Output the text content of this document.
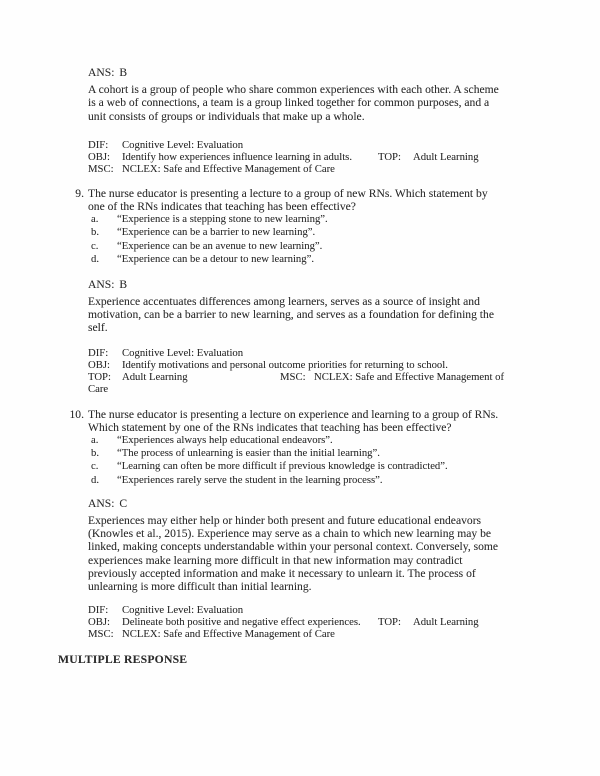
ANS: B
A cohort is a group of people who share common experiences with each other. A scheme
is a web of connections, a team is a group linked together for common purposes, and a
unit consists of groups or individuals that make up a whole.
DIF: Cognitive Level: Evaluation
OBJ: Identify how experiences influence learning in adults. TOP: Adult Learning
MSC: NCLEX: Safe and Effective Management of Care
9. The nurse educator is presenting a lecture to a group of new RNs. Which statement by
one of the RNs indicates that teaching has been effective?
a. “Experience is a stepping stone to new learning”.
b. “Experience can be a barrier to new learning”.
c. “Experience can be an avenue to new learning”.
d. “Experience can be a detour to new learning”.
ANS: B
Experience accentuates differences among learners, serves as a source of insight and
motivation, can be a barrier to new learning, and serves as a foundation for defining the
self.
DIF: Cognitive Level: Evaluation
OBJ: Identify motivations and personal outcome priorities for returning to school.
TOP: Adult Learning	MSC: NCLEX: Safe and Effective Management of
Care
10. The nurse educator is presenting a lecture on experience and learning to a group of RNs.
Which statement by one of the RNs indicates that teaching has been effective?
a. “Experiences always help educational endeavors”.
b. “The process of unlearning is easier than the initial learning”.
c. “Learning can often be more difficult if previous knowledge is contradicted”.
d. “Experiences rarely serve the student in the learning process”.
ANS: C
Experiences may either help or hinder both present and future educational endeavors
(Knowles et al., 2015). Experience may serve as a chain to which new learning may be
linked, making concepts understandable within your personal context. Conversely, some
experiences make learning more difficult in that new information may contradict
previously accepted information and make it necessary to unlearn it. The process of
unlearning is more difficult than initial learning.
DIF: Cognitive Level: Evaluation
OBJ: Delineate both positive and negative effect experiences. TOP: Adult Learning
MSC: NCLEX: Safe and Effective Management of Care
MULTIPLE RESPONSE
